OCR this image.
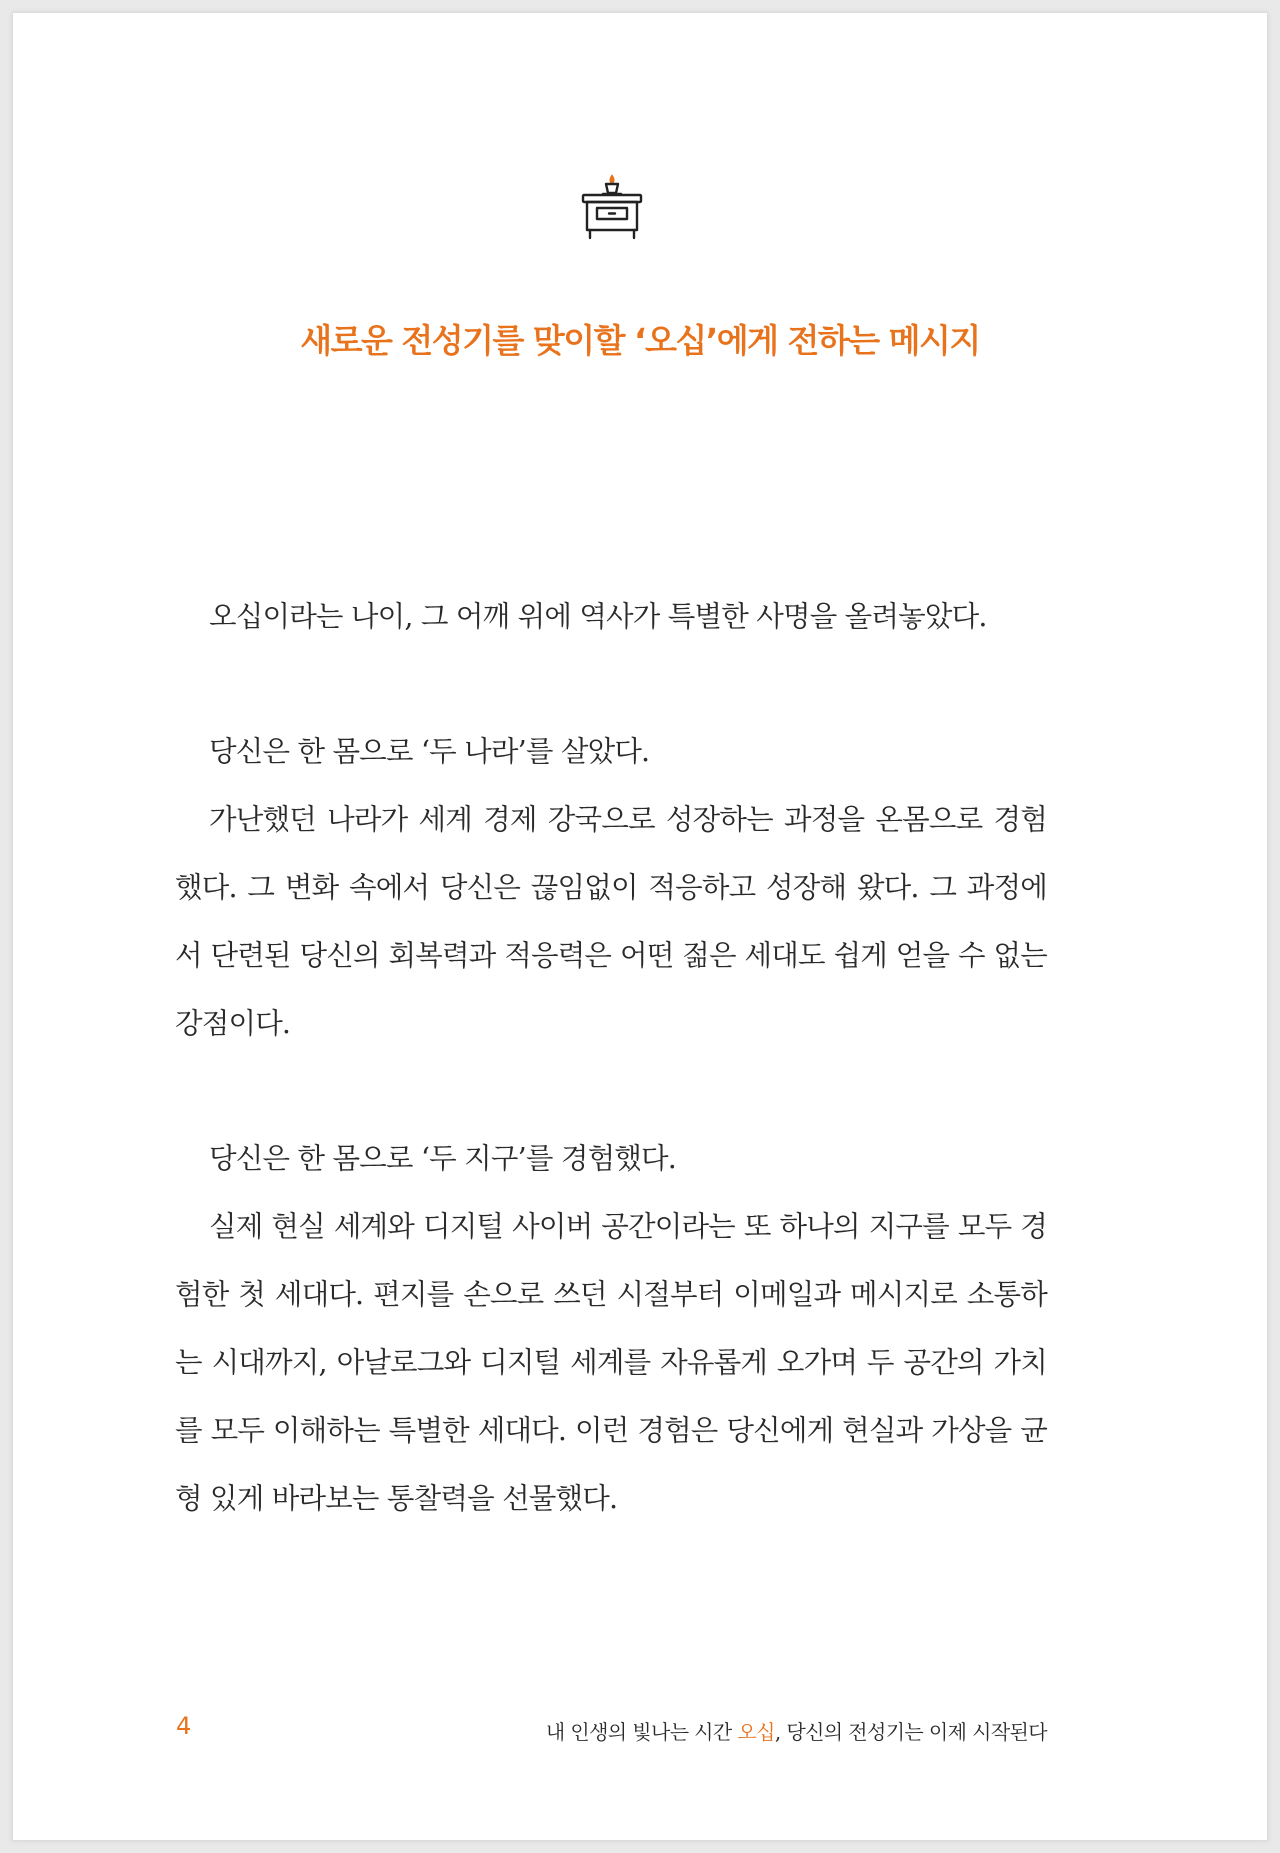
새로운 전성기를 맞이할 ‘오십’에게 전하는 메시지

오십이라는 나이, 그 어깨 위에 역사가 특별한 사명을 올려놓았다.

당신은 한 몸으로 ‘두 나라’를 살았다.

가난했던 나라가 세계 경제 강국으로 성장하는 과정을 온몸으로 경험했다. 그 변화 속에서 당신은 끊임없이 적응하고 성장해 왔다. 그 과정에서 단련된 당신의 회복력과 적응력은 어떤 젊은 세대도 쉽게 얻을 수 없는 강점이다.

당신은 한 몸으로 ‘두 지구’를 경험했다.

실제 현실 세계와 디지털 사이버 공간이라는 또 하나의 지구를 모두 경험한 첫 세대다. 편지를 손으로 쓰던 시절부터 이메일과 메시지로 소통하는 시대까지, 아날로그와 디지털 세계를 자유롭게 오가며 두 공간의 가치를 모두 이해하는 특별한 세대다. 이런 경험은 당신에게 현실과 가상을 균형 있게 바라보는 통찰력을 선물했다.

4	내 인생의 빛나는 시간 오십, 당신의 전성기는 이제 시작된다
